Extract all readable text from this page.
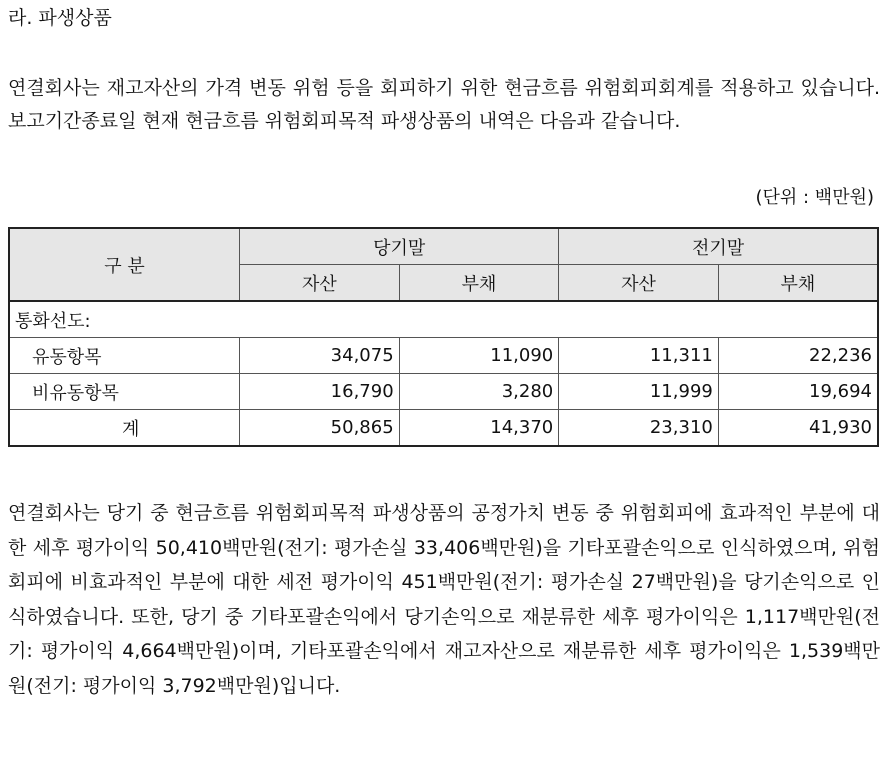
라. 파생상품
연결회사는 재고자산의 가격 변동 위험 등을 회피하기 위한 현금흐름 위험회피회계를 적용하고 있습니다. 보고기간종료일 현재 현금흐름 위험회피목적 파생상품의 내역은 다음과 같습니다.
(단위 : 백만원)
구 분	당기말		전기말	
	자산	부채	자산	부채
통화선도:				
유동항목	34,075	11,090	11,311	22,236
비유동항목	16,790	3,280	11,999	19,694
계	50,865	14,370	23,310	41,930
연결회사는 당기 중 현금흐름 위험회피목적 파생상품의 공정가치 변동 중 위험회피에 효과적인 부분에 대한 세후 평가이익 50,410백만원(전기: 평가손실 33,406백만원)을 기타포괄손익으로 인식하였으며, 위험회피에 비효과적인 부분에 대한 세전 평가이익 451백만원(전기: 평가손실 27백만원)을 당기손익으로 인식하였습니다. 또한, 당기 중 기타포괄손익에서 당기손익으로 재분류한 세후 평가이익은 1,117백만원(전기: 평가이익 4,664백만원)이며, 기타포괄손익에서 재고자산으로 재분류한 세후 평가이익은 1,539백만원(전기: 평가이익 3,792백만원)입니다.
